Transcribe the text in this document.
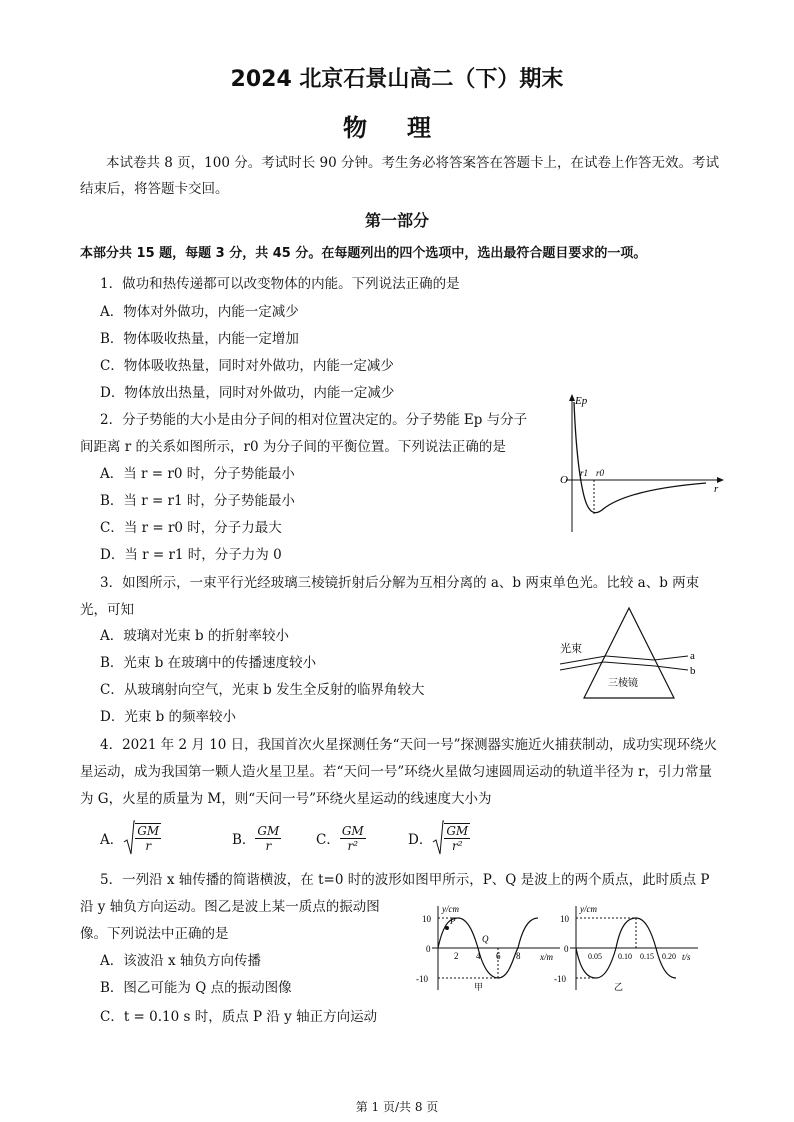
2024 北京石景山高二（下）期末
物理
本试卷共 8 页，100 分。考试时长 90 分钟。考生务必将答案答在答题卡上，在试卷上作答无效。考试结束后，将答题卡交回。
第一部分
本部分共 15 题，每题 3 分，共 45 分。在每题列出的四个选项中，选出最符合题目要求的一项。
1．做功和热传递都可以改变物体的内能。下列说法正确的是
A．物体对外做功，内能一定减少
B．物体吸收热量，内能一定增加
C．物体吸收热量，同时对外做功，内能一定减少
D．物体放出热量，同时对外做功，内能一定减少
2．分子势能的大小是由分子间的相对位置决定的。分子势能 Ep 与分子
间距离 r 的关系如图所示，r0 为分子间的平衡位置。下列说法正确的是
A．当 r = r0 时，分子势能最小
B．当 r = r1 时，分子势能最小
C．当 r = r0 时，分子力最大
D．当 r = r1 时，分子力为 0
Ep
r
O
r1 r0
3．如图所示，一束平行光经玻璃三棱镜折射后分解为互相分离的 a、b 两束单色光。比较 a、b 两束光，可知
A．玻璃对光束 b 的折射率较小
B．光束 b 在玻璃中的传播速度较小
C．从玻璃射向空气，光束 b 发生全反射的临界角较大
D．光束 b 的频率较小
光束
三棱镜
a
b
4．2021 年 2 月 10 日，我国首次火星探测任务“天问一号”探测器实施近火捕获制动，成功实现环绕火星运动，成为我国第一颗人造火星卫星。若“天问一号”环绕火星做匀速圆周运动的轨道半径为 r，引力常量为 G，火星的质量为 M，则“天问一号”环绕火星运动的线速度大小为
A． $\frac{GM}{r}$	B． $\frac{GM}{r}$	C． $\frac{GM}{\text{r²}}$	D． $\frac{GM}{\text{r²}}$
5．一列沿 x 轴传播的简谐横波，在 t=0 时的波形如图甲所示，P、Q 是波上的两个质点，此时质点 P
沿 y 轴负方向运动。图乙是波上某一质点的振动图
像。下列说法中正确的是
A．该波沿 x 轴负方向传播
B．图乙可能为 Q 点的振动图像
C．t = 0.10 s 时，质点 P 沿 y 轴正方向运动
y/cm
x/m
10
0
-10
2 4 6 8
P
Q
甲
y/cm
t/s
10
0
-10
0.05 0.10 0.15 0.20
乙
第 1 页/共 8 页
